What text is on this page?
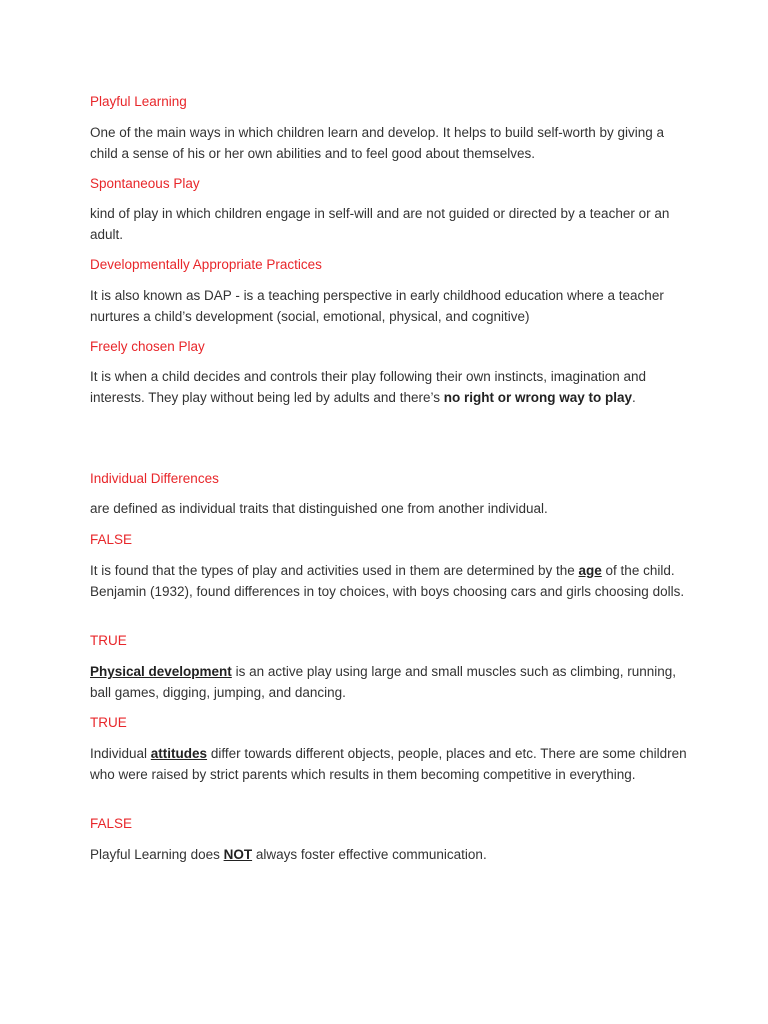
Playful Learning

One of the main ways in which children learn and develop. It helps to build self-worth by giving a child a sense of his or her own abilities and to feel good about themselves.

Spontaneous Play

kind of play in which children engage in self-will and are not guided or directed by a teacher or an adult.

Developmentally Appropriate Practices

It is also known as DAP - is a teaching perspective in early childhood education where a teacher nurtures a child’s development (social, emotional, physical, and cognitive)

Freely chosen Play

It is when a child decides and controls their play following their own instincts, imagination and interests. They play without being led by adults and there’s no right or wrong way to play.

Individual Differences

are defined as individual traits that distinguished one from another individual.

FALSE

It is found that the types of play and activities used in them are determined by the age of the child. Benjamin (1932), found differences in toy choices, with boys choosing cars and girls choosing dolls.

TRUE

Physical development is an active play using large and small muscles such as climbing, running, ball games, digging, jumping, and dancing.

TRUE

Individual attitudes differ towards different objects, people, places and etc. There are some children who were raised by strict parents which results in them becoming competitive in everything.

FALSE

Playful Learning does NOT always foster effective communication.
